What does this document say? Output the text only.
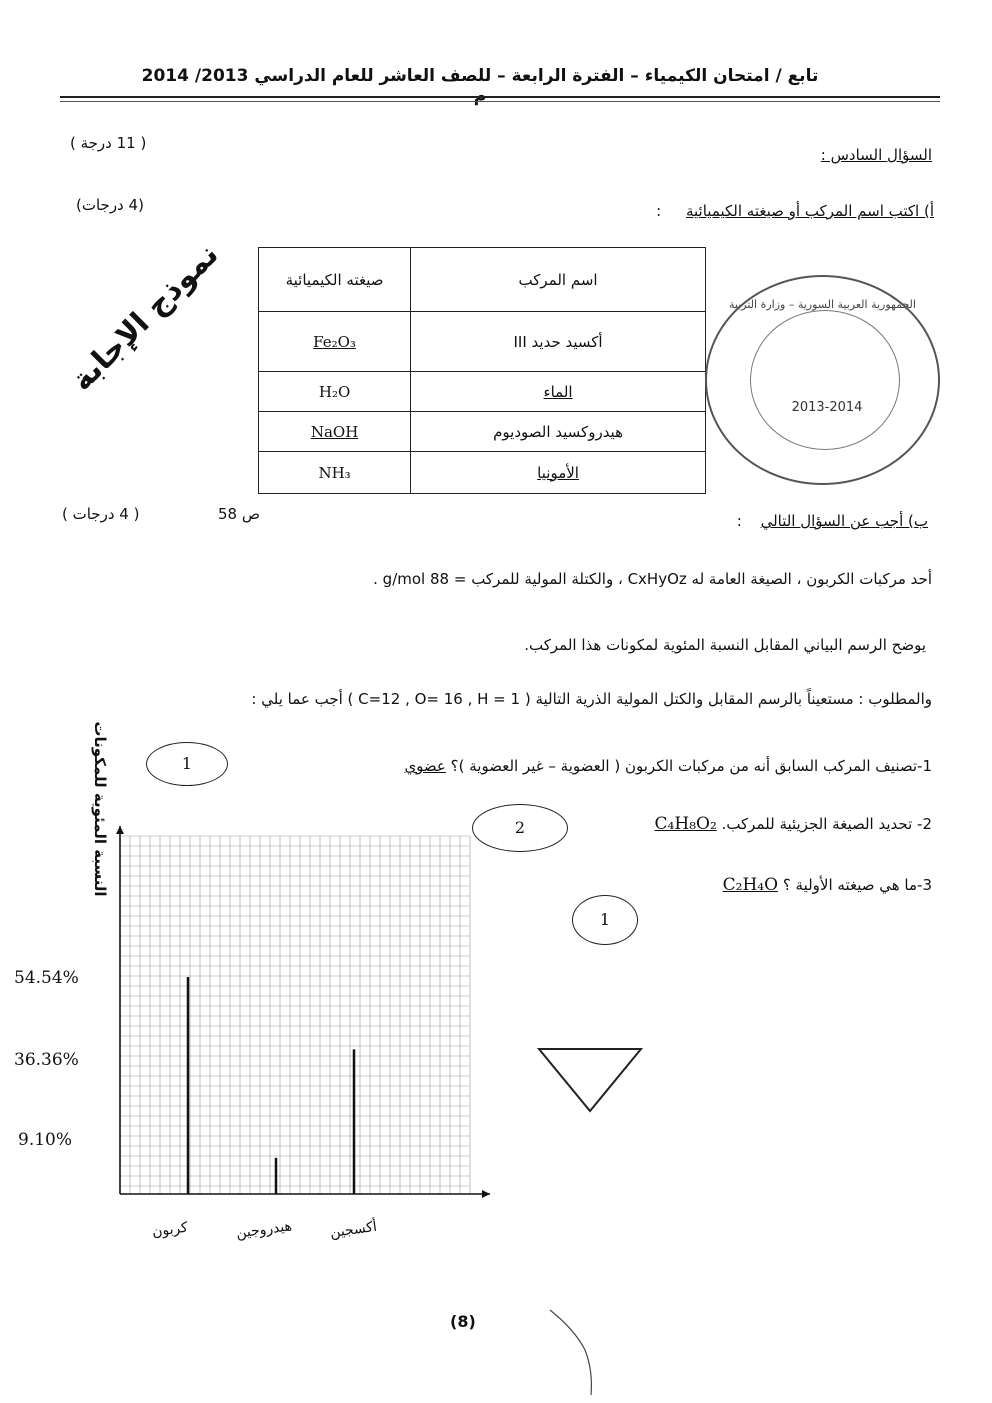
تابع / امتحان الكيمياء – الفترة الرابعة – للصف العاشر للعام الدراسي 2013/ 2014 م
السؤال السادس :
( 11 درجة )
أ) اكتب اسم المركب أو صيغته الكيميائية :
(4 درجات)
اسم المركب	صيغته الكيميائية
أكسيد حديد III	Fe₂O₃
الماء	H₂O
هيدروكسيد الصوديوم	NaOH
الأمونيا	NH₃
نموذج الإجابة	الجمهورية العربية السورية – وزارة التربية
2013-2014
ب) أجب عن السؤال التالي :
ص 58
( 4 درجات )
أحد مركبات الكربون ، الصيغة العامة له CxHyOz ، والكتلة المولية للمركب = 88 g/mol .
يوضح الرسم البياني المقابل النسبة المئوية لمكونات هذا المركب.
والمطلوب : مستعيناً بالرسم المقابل والكتل المولية الذرية التالية ( C=12 , O= 16 , H = 1 ) أجب عما يلي :
1-تصنيف المركب السابق أنه من مركبات الكربون ( العضوية – غير العضوية )؟ عضوي
1
2- تحديد الصيغة الجزيئية للمركب. C₄H₈O₂
2
3-ما هي صيغته الأولية ؟ C₂H₄O
1
النسبة المئوية للمكونات
54.54%
36.36%
9.10%
كربون	هيدروجين	أكسجين
(8)
